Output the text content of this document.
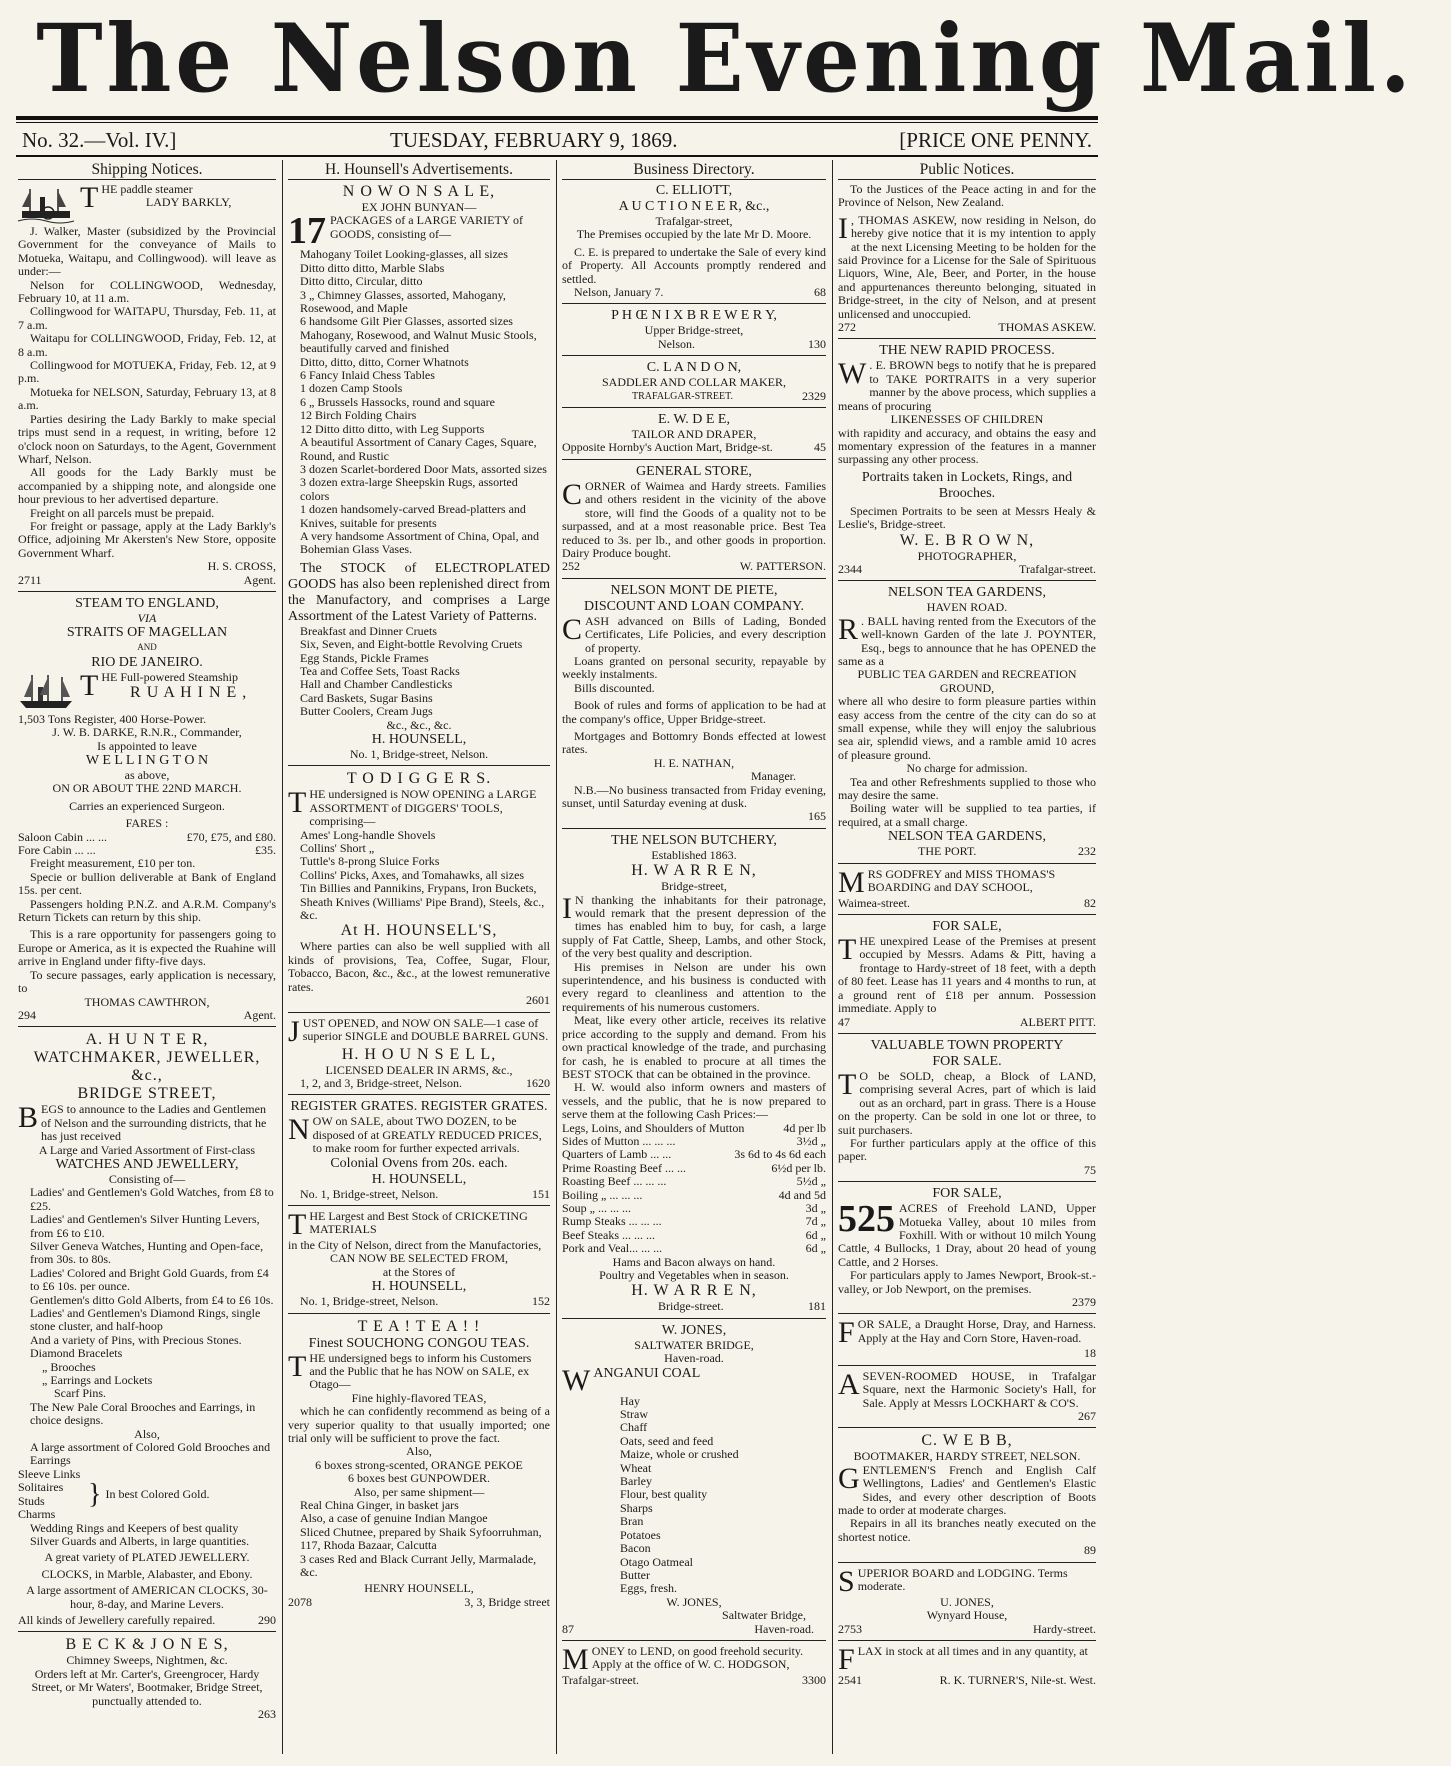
The Nelson Evening Mail.
No. 32.—Vol. IV.]	TUESDAY, FEBRUARY 9, 1869.	[PRICE ONE PENNY.
Shipping Notices.
T HE paddle steamer
LADY BARKLY,
J. Walker, Master (subsidized by the Provincial Government for the conveyance of Mails to Motueka, Waitapu, and Collingwood). will leave as under:—
Nelson for COLLINGWOOD, Wednesday, February 10, at 11 a.m.
Collingwood for WAITAPU, Thursday, Feb. 11, at 7 a.m.
Waitapu for COLLINGWOOD, Friday, Feb. 12, at 8 a.m.
Collingwood for MOTUEKA, Friday, Feb. 12, at 9 p.m.
Motueka for NELSON, Saturday, February 13, at 8 a.m.
Parties desiring the Lady Barkly to make special trips must send in a request, in writing, before 12 o'clock noon on Saturdays, to the Agent, Government Wharf, Nelson.
All goods for the Lady Barkly must be accompanied by a shipping note, and alongside one hour previous to her advertised departure.
Freight on all parcels must be prepaid.
For freight or passage, apply at the Lady Barkly's Office, adjoining Mr Akersten's New Store, opposite Government Wharf.
H. S. CROSS,
2711	Agent.
STEAM TO ENGLAND,
VIA
STRAITS OF MAGELLAN
AND
RIO DE JANEIRO.
T HE Full-powered Steamship
R U A H I N E ,
1,503 Tons Register, 400 Horse-Power.
J. W. B. DARKE, R.N.R., Commander,
Is appointed to leave
W E L L I N G T O N
as above,
ON OR ABOUT THE 22ND MARCH.
Carries an experienced Surgeon.
FARES :
Saloon Cabin ... ...	£70, £75, and £80.
Fore Cabin ... ...	£35.
Freight measurement, £10 per ton.
Specie or bullion deliverable at Bank of England 15s. per cent.
Passengers holding P.N.Z. and A.R.M. Company's Return Tickets can return by this ship.
This is a rare opportunity for passengers going to Europe or America, as it is expected the Ruahine will arrive in England under fifty-five days.
To secure passages, early application is necessary, to
THOMAS CAWTHRON,
294	Agent.
A. H U N T E R,
WATCHMAKER, JEWELLER, &c.,
BRIDGE STREET,
B EGS to announce to the Ladies and Gentlemen of Nelson and the surrounding districts, that he has just received
A Large and Varied Assortment of First-class
WATCHES AND JEWELLERY,
Consisting of—
Ladies' and Gentlemen's Gold Watches, from £8 to £25.
Ladies' and Gentlemen's Silver Hunting Levers, from £6 to £10.
Silver Geneva Watches, Hunting and Open-face, from 30s. to 80s.
Ladies' Colored and Bright Gold Guards, from £4 to £6 10s. per ounce.
Gentlemen's ditto Gold Alberts, from £4 to £6 10s.
Ladies' and Gentlemen's Diamond Rings, single stone cluster, and half-hoop
And a variety of Pins, with Precious Stones.
Diamond Bracelets
„ Brooches
„ Earrings and Lockets
Scarf Pins.
The New Pale Coral Brooches and Earrings, in choice designs.
Also,
A large assortment of Colored Gold Brooches and Earrings
Sleeve Links
Solitaires
Studs
Charms
} In best Colored Gold.
Wedding Rings and Keepers of best quality
Silver Guards and Alberts, in large quantities.
A great variety of PLATED JEWELLERY.
CLOCKS, in Marble, Alabaster, and Ebony.
A large assortment of AMERICAN CLOCKS, 30-hour, 8-day, and Marine Levers.
All kinds of Jewellery carefully repaired.	290
B E C K & J O N E S,
Chimney Sweeps, Nightmen, &c.
Orders left at Mr. Carter's, Greengrocer, Hardy Street, or Mr Waters', Bootmaker, Bridge Street, punctually attended to.
263
H. Hounsell's Advertisements.
N O W O N S A L E,
EX JOHN BUNYAN—
17 PACKAGES of a LARGE VARIETY of GOODS, consisting of—
Mahogany Toilet Looking-glasses, all sizes
Ditto ditto ditto, Marble Slabs
Ditto ditto, Circular, ditto
3 „ Chimney Glasses, assorted, Mahogany, Rosewood, and Maple
6 handsome Gilt Pier Glasses, assorted sizes
Mahogany, Rosewood, and Walnut Music Stools, beautifully carved and finished
Ditto, ditto, ditto, Corner Whatnots
6 Fancy Inlaid Chess Tables
1 dozen Camp Stools
6 „ Brussels Hassocks, round and square
12 Birch Folding Chairs
12 Ditto ditto ditto, with Leg Supports
A beautiful Assortment of Canary Cages, Square, Round, and Rustic
3 dozen Scarlet-bordered Door Mats, assorted sizes
3 dozen extra-large Sheepskin Rugs, assorted colors
1 dozen handsomely-carved Bread-platters and Knives, suitable for presents
A very handsome Assortment of China, Opal, and Bohemian Glass Vases.
The STOCK of ELECTROPLATED GOODS has also been replenished direct from the Manufactory, and comprises a Large Assortment of the Latest Variety of Patterns.
Breakfast and Dinner Cruets
Six, Seven, and Eight-bottle Revolving Cruets
Egg Stands, Pickle Frames
Tea and Coffee Sets, Toast Racks
Hall and Chamber Candlesticks
Card Baskets, Sugar Basins
Butter Coolers, Cream Jugs
&c., &c., &c.
H. HOUNSELL,
No. 1, Bridge-street, Nelson.
T O D I G G E R S.
T HE undersigned is NOW OPENING a LARGE ASSORTMENT of DIGGERS' TOOLS, comprising—
Ames' Long-handle Shovels
Collins' Short „
Tuttle's 8-prong Sluice Forks
Collins' Picks, Axes, and Tomahawks, all sizes
Tin Billies and Pannikins, Frypans, Iron Buckets, Sheath Knives (Williams' Pipe Brand), Steels, &c., &c.
At H. HOUNSELL'S,
Where parties can also be well supplied with all kinds of provisions, Tea, Coffee, Sugar, Flour, Tobacco, Bacon, &c., &c., at the lowest remunerative rates.
2601
J UST OPENED, and NOW ON SALE—1 case of superior SINGLE and DOUBLE BARREL GUNS.
H. H O U N S E L L,
LICENSED DEALER IN ARMS, &c.,
1, 2, and 3, Bridge-street, Nelson.	1620
REGISTER GRATES. REGISTER GRATES.
N OW on SALE, about TWO DOZEN, to be disposed of at GREATLY REDUCED PRICES, to make room for further expected arrivals.
Colonial Ovens from 20s. each.
H. HOUNSELL,
No. 1, Bridge-street, Nelson.	151
T HE Largest and Best Stock of CRICKETING MATERIALS
in the City of Nelson, direct from the Manufactories,
CAN NOW BE SELECTED FROM,
at the Stores of
H. HOUNSELL,
No. 1, Bridge-street, Nelson.	152
T E A ! T E A ! !
Finest SOUCHONG CONGOU TEAS.
T HE undersigned begs to inform his Customers and the Public that he has NOW on SALE, ex Otago—
Fine highly-flavored TEAS,
which he can confidently recommend as being of a very superior quality to that usually imported; one trial only will be sufficient to prove the fact.
Also,
6 boxes strong-scented, ORANGE PEKOE
6 boxes best GUNPOWDER.
Also, per same shipment—
Real China Ginger, in basket jars
Also, a case of genuine Indian Mangoe
Sliced Chutnee, prepared by Shaik Syfoorruhman, 117, Rhoda Bazaar, Calcutta
3 cases Red and Black Currant Jelly, Marmalade, &c.
HENRY HOUNSELL,
2078	3, 3, Bridge street
Business Directory.
C. ELLIOTT,
A U C T I O N E E R, &c.,
Trafalgar-street,
The Premises occupied by the late Mr D. Moore.
C. E. is prepared to undertake the Sale of every kind of Property. All Accounts promptly rendered and settled.
Nelson, January 7.	68
P H Œ N I X B R E W E R Y,
Upper Bridge-street,
Nelson.	130
C. L A N D O N,
SADDLER AND COLLAR MAKER,
TRAFALGAR-STREET.	2329
E. W. D E E,
TAILOR AND DRAPER,
Opposite Hornby's Auction Mart, Bridge-st.	45
GENERAL STORE,
C ORNER of Waimea and Hardy streets. Families and others resident in the vicinity of the above store, will find the Goods of a quality not to be surpassed, and at a most reasonable price. Best Tea reduced to 3s. per lb., and other goods in proportion. Dairy Produce bought.
252	W. PATTERSON.
NELSON MONT DE PIETE,
DISCOUNT AND LOAN COMPANY.
C ASH advanced on Bills of Lading, Bonded Certificates, Life Policies, and every description of property.
Loans granted on personal security, repayable by weekly instalments.
Bills discounted.
Book of rules and forms of application to be had at the company's office, Upper Bridge-street.
Mortgages and Bottomry Bonds effected at lowest rates.
H. E. NATHAN,
Manager.
N.B.—No business transacted from Friday evening, sunset, until Saturday evening at dusk.
165
THE NELSON BUTCHERY,
Established 1863.
H. W A R R E N,
Bridge-street,
I N thanking the inhabitants for their patronage, would remark that the present depression of the times has enabled him to buy, for cash, a large supply of Fat Cattle, Sheep, Lambs, and other Stock, of the very best quality and description.
His premises in Nelson are under his own superintendence, and his business is conducted with every regard to cleanliness and attention to the requirements of his numerous customers.
Meat, like every other article, receives its relative price according to the supply and demand. From his own practical knowledge of the trade, and purchasing for cash, he is enabled to procure at all times the BEST STOCK that can be obtained in the province.
H. W. would also inform owners and masters of vessels, and the public, that he is now prepared to serve them at the following Cash Prices:—
Legs, Loins, and Shoulders of Mutton	4d per lb
Sides of Mutton ... ... ...	3½d „
Quarters of Lamb ... ...	3s 6d to 4s 6d each
Prime Roasting Beef ... ...	6½d per lb.
Roasting Beef ... ... ...	5½d „
Boiling „ ... ... ...	4d and 5d
Soup „ ... ... ...	3d „
Rump Steaks ... ... ...	7d „
Beef Steaks ... ... ...	6d „
Pork and Veal... ... ...	6d „
Hams and Bacon always on hand.
Poultry and Vegetables when in season.
H. W A R R E N,
Bridge-street.	181
W. JONES,
SALTWATER BRIDGE,
Haven-road.
W ANGANUI COAL
Hay
Straw
Chaff
Oats, seed and feed
Maize, whole or crushed
Wheat
Barley
Flour, best quality
Sharps
Bran
Potatoes
Bacon
Otago Oatmeal
Butter
Eggs, fresh.
W. JONES,
Saltwater Bridge,
87	Haven-road.
M ONEY to LEND, on good freehold security. Apply at the office of W. C. HODGSON,
Trafalgar-street.	3300
Public Notices.
To the Justices of the Peace acting in and for the Province of Nelson, New Zealand.
I , THOMAS ASKEW, now residing in Nelson, do hereby give notice that it is my intention to apply at the next Licensing Meeting to be holden for the said Province for a License for the Sale of Spirituous Liquors, Wine, Ale, Beer, and Porter, in the house and appurtenances thereunto belonging, situated in Bridge-street, in the city of Nelson, and at present unlicensed and unoccupied.
272	THOMAS ASKEW.
THE NEW RAPID PROCESS.
W . E. BROWN begs to notify that he is prepared to TAKE PORTRAITS in a very superior manner by the above process, which supplies a means of procuring
LIKENESSES OF CHILDREN
with rapidity and accuracy, and obtains the easy and momentary expression of the features in a manner surpassing any other process.
Portraits taken in Lockets, Rings, and Brooches.
Specimen Portraits to be seen at Messrs Healy & Leslie's, Bridge-street.
W. E. B R O W N,
PHOTOGRAPHER,
2344	Trafalgar-street.
NELSON TEA GARDENS,
HAVEN ROAD.
R . BALL having rented from the Executors of the well-known Garden of the late J. POYNTER, Esq., begs to announce that he has OPENED the same as a
PUBLIC TEA GARDEN and RECREATION GROUND,
where all who desire to form pleasure parties within easy access from the centre of the city can do so at small expense, while they will enjoy the salubrious sea air, splendid views, and a ramble amid 10 acres of pleasure ground.
No charge for admission.
Tea and other Refreshments supplied to those who may desire the same.
Boiling water will be supplied to tea parties, if required, at a small charge.
NELSON TEA GARDENS,
THE PORT.	232
M RS GODFREY and MISS THOMAS'S BOARDING and DAY SCHOOL,
Waimea-street.	82
FOR SALE,
T HE unexpired Lease of the Premises at present occupied by Messrs. Adams & Pitt, having a frontage to Hardy-street of 18 feet, with a depth of 80 feet. Lease has 11 years and 4 months to run, at a ground rent of £18 per annum. Possession immediate. Apply to
47	ALBERT PITT.
VALUABLE TOWN PROPERTY
FOR SALE.
T O be SOLD, cheap, a Block of LAND, comprising several Acres, part of which is laid out as an orchard, part in grass. There is a House on the property. Can be sold in one lot or three, to suit purchasers.
For further particulars apply at the office of this paper.
75
FOR SALE,
525 ACRES of Freehold LAND, Upper Motueka Valley, about 10 miles from Foxhill. With or without 10 milch Young Cattle, 4 Bullocks, 1 Dray, about 20 head of young Cattle, and 2 Horses.
For particulars apply to James Newport, Brook-st.-valley, or Job Newport, on the premises.
2379
F OR SALE, a Draught Horse, Dray, and Harness. Apply at the Hay and Corn Store, Haven-road.
18
A SEVEN-ROOMED HOUSE, in Trafalgar Square, next the Harmonic Society's Hall, for Sale. Apply at Messrs LOCKHART & CO'S.
267
C. W E B B,
BOOTMAKER, HARDY STREET, NELSON.
G ENTLEMEN'S French and English Calf Wellingtons, Ladies' and Gentlemen's Elastic Sides, and every other description of Boots made to order at moderate charges.
Repairs in all its branches neatly executed on the shortest notice.
89
S UPERIOR BOARD and LODGING. Terms moderate.
U. JONES,
Wynyard House,
2753	Hardy-street.
F LAX in stock at all times and in any quantity, at
2541	R. K. TURNER'S, Nile-st. West.
